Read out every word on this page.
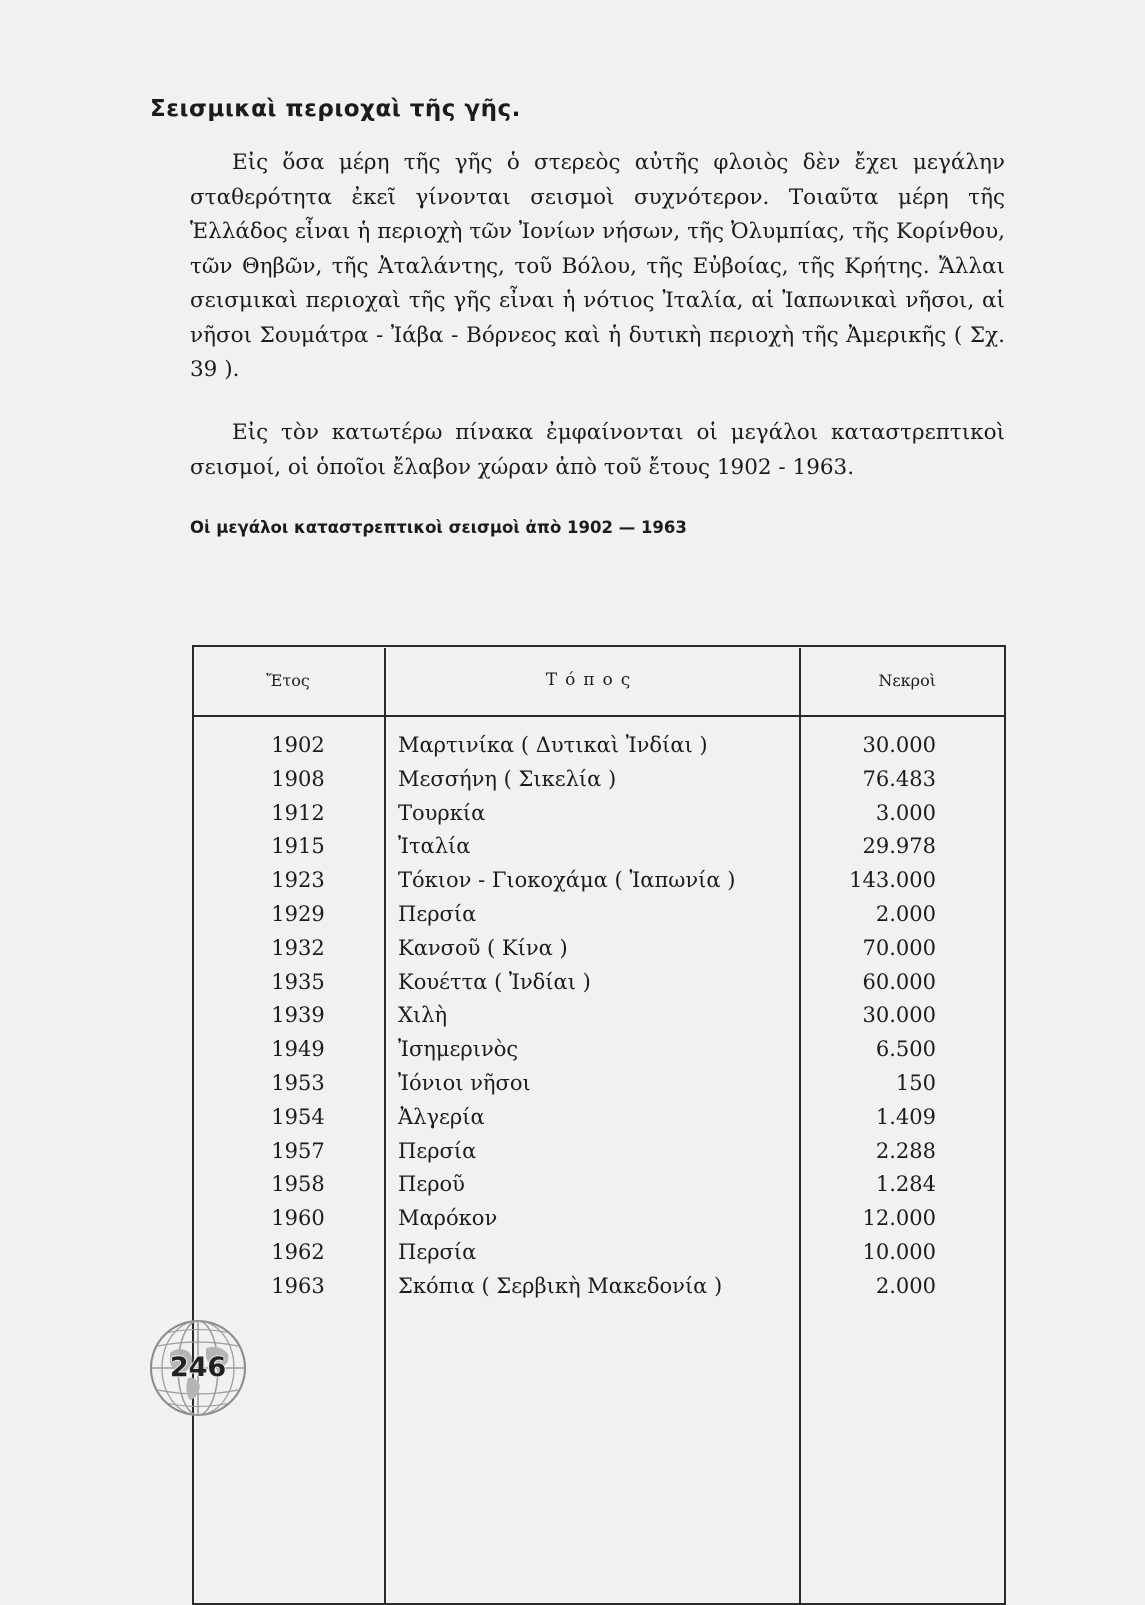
Σεισμικαὶ περιοχαὶ τῆς γῆς.

Εἰς ὅσα μέρη τῆς γῆς ὁ στερεὸς αὐτῆς φλοιὸς δὲν ἔχει μεγάλην σταθερότητα ἐκεῖ γίνονται σεισμοὶ συχνότερον. Τοιαῦτα μέρη τῆς Ἑλλάδος εἶναι ἡ περιοχὴ τῶν Ἰονίων νήσων, τῆς Ὀλυμπίας, τῆς Κορίνθου, τῶν Θηβῶν, τῆς Ἀταλάντης, τοῦ Βόλου, τῆς Εὐβοίας, τῆς Κρήτης. Ἄλλαι σεισμικαὶ περιοχαὶ τῆς γῆς εἶναι ἡ νότιος Ἰταλία, αἱ Ἰαπωνικαὶ νῆσοι, αἱ νῆσοι Σουμάτρα - Ἰάβα - Βόρνεος καὶ ἡ δυτικὴ περιοχὴ τῆς Ἀμερικῆς ( Σχ. 39 ).

Εἰς τὸν κατωτέρω πίνακα ἐμφαίνονται οἱ μεγάλοι καταστρεπτικοὶ σεισμοί, οἱ ὁποῖοι ἔλαβον χώραν ἀπὸ τοῦ ἔτους 1902 - 1963.

Οἱ μεγάλοι καταστρεπτικοὶ σεισμοὶ ἀπὸ 1902 — 1963

Ἔτος	Τόπος	Νεκροὶ
1902	Μαρτινίκα ( Δυτικαὶ Ἰνδίαι )	30.000
1908	Μεσσήνη ( Σικελία )	76.483
1912	Τουρκία	3.000
1915	Ἰταλία	29.978
1923	Τόκιον - Γιοκοχάμα ( Ἰαπωνία )	143.000
1929	Περσία	2.000
1932	Κανσοῦ ( Κίνα )	70.000
1935	Κουέττα ( Ἰνδίαι )	60.000
1939	Χιλὴ	30.000
1949	Ἰσημερινὸς	6.500
1953	Ἰόνιοι νῆσοι	150
1954	Ἀλγερία	1.409
1957	Περσία	2.288
1958	Περοῦ	1.284
1960	Μαρόκον	12.000
1962	Περσία	10.000
1963	Σκόπια ( Σερβικὴ Μακεδονία )	2.000
246
